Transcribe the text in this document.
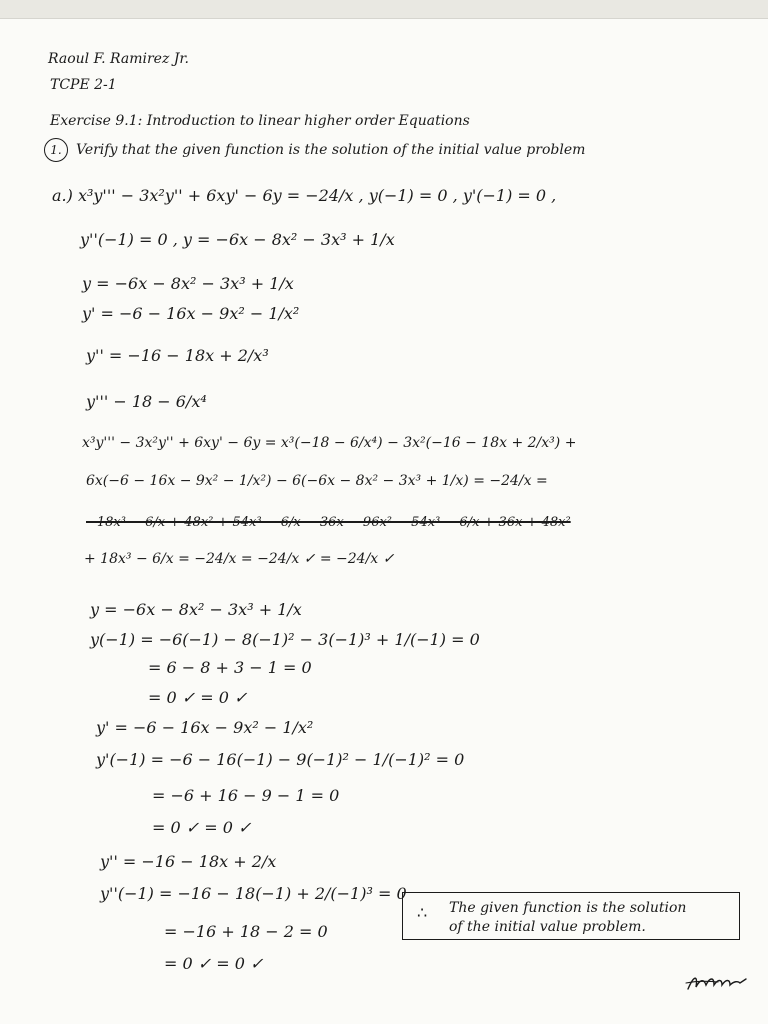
Raoul F. Ramirez Jr.
TCPE 2-1
Exercise 9.1: Introduction to linear higher order Equations
1. Verify that the given function is the solution of the initial value problem
a.) x³y''' − 3x²y'' + 6xy' − 6y = −24/x , y(−1) = 0 , y'(−1) = 0 ,
y''(−1) = 0 , y = −6x − 8x² − 3x³ + 1/x
y = −6x − 8x² − 3x³ + 1/x
y' = −6 − 16x − 9x² − 1/x²
y'' = −16 − 18x + 2/x³
y''' − 18 − 6/x⁴
x³y''' − 3x²y'' + 6xy' − 6y = x³(−18 − 6/x⁴) − 3x²(−16 − 18x + 2/x³) +
6x(−6 − 16x − 9x² − 1/x²) − 6(−6x − 8x² − 3x³ + 1/x) = −24/x =
−18x³ − 6/x + 48x² + 54x³ − 6/x − 36x − 96x² − 54x³ − 6/x + 36x + 48x²
+ 18x³ − 6/x = −24/x = −24/x ✓ = −24/x ✓
y = −6x − 8x² − 3x³ + 1/x
y(−1) = −6(−1) − 8(−1)² − 3(−1)³ + 1/(−1) = 0
= 6 − 8 + 3 − 1 = 0
= 0 ✓ = 0 ✓
y' = −6 − 16x − 9x² − 1/x²
y'(−1) = −6 − 16(−1) − 9(−1)² − 1/(−1)² = 0
= −6 + 16 − 9 − 1 = 0
= 0 ✓ = 0 ✓
y'' = −16 − 18x + 2/x
y''(−1) = −16 − 18(−1) + 2/(−1)³ = 0
= −16 + 18 − 2 = 0
= 0 ✓ = 0 ✓
∴ The given function is the solution
of the initial value problem.
